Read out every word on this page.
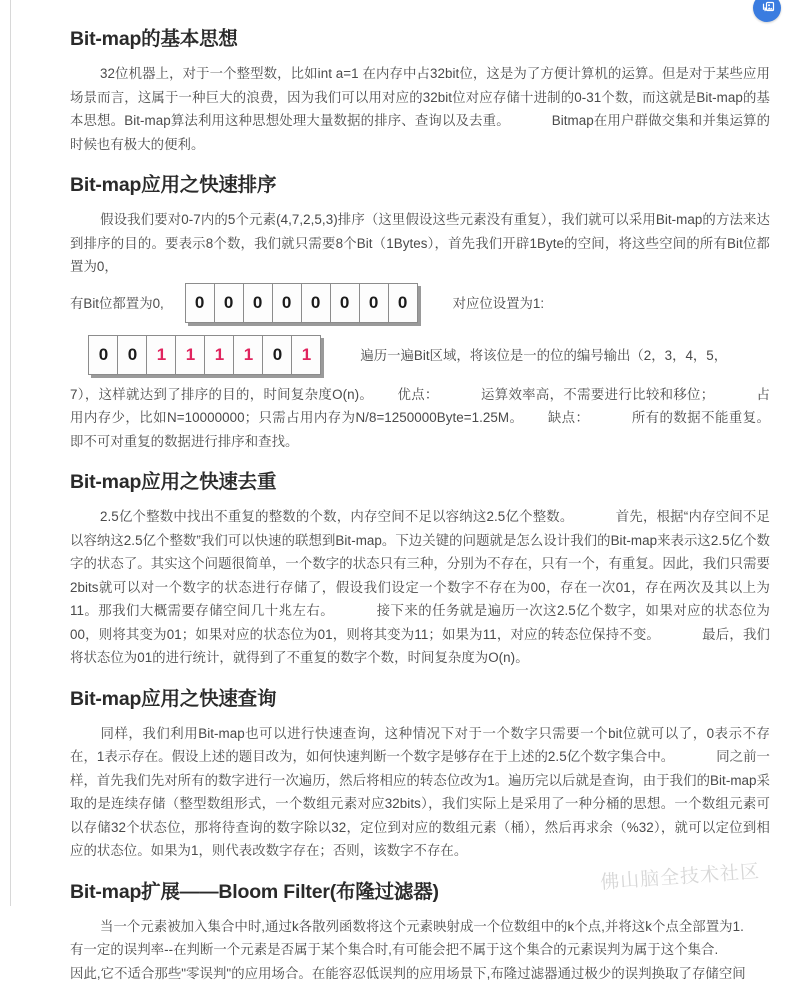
Bit-map的基本思想

32位机器上，对于一个整型数，比如int a=1 在内存中占32bit位，这是为了方便计算机的运算。但是对于某些应用场景而言，这属于一种巨大的浪费，因为我们可以用对应的32bit位对应存储十进制的0-31个数，而这就是Bit-map的基本思想。Bit-map算法利用这种思想处理大量数据的排序、查询以及去重。	Bitmap在用户群做交集和并集运算的时候也有极大的便利。

Bit-map应用之快速排序

假设我们要对0-7内的5个元素(4,7,2,5,3)排序（这里假设这些元素没有重复），我们就可以采用Bit-map的方法来达到排序的目的。要表示8个数，我们就只需要8个Bit（1Bytes），首先我们开辟1Byte的空间，将这些空间的所有Bit位都置为0，

有Bit位都置为0,	0	0	0	0	0	0	0	0	对应位设置为1:

0	0	1	1	1	1	0	1	遍历一遍Bit区域，将该位是一的位的编号输出（2，3，4，5，

7），这样就达到了排序的目的，时间复杂度O(n)。 优点：	运算效率高，不需要进行比较和移位；	占用内存少，比如N=10000000；只需占用内存为N/8=1250000Byte=1.25M。 缺点：	所有的数据不能重复。即不可对重复的数据进行排序和查找。

Bit-map应用之快速去重

2.5亿个整数中找出不重复的整数的个数，内存空间不足以容纳这2.5亿个整数。	首先，根据“内存空间不足以容纳这2.5亿个整数”我们可以快速的联想到Bit-map。下边关键的问题就是怎么设计我们的Bit-map来表示这2.5亿个数字的状态了。其实这个问题很简单，一个数字的状态只有三种，分别为不存在，只有一个，有重复。因此，我们只需要2bits就可以对一个数字的状态进行存储了，假设我们设定一个数字不存在为00，存在一次01，存在两次及其以上为11。那我们大概需要存储空间几十兆左右。	接下来的任务就是遍历一次这2.5亿个数字，如果对应的状态位为00，则将其变为01；如果对应的状态位为01，则将其变为11；如果为11，对应的转态位保持不变。	最后，我们将状态位为01的进行统计，就得到了不重复的数字个数，时间复杂度为O(n)。

Bit-map应用之快速查询

同样，我们利用Bit-map也可以进行快速查询，这种情况下对于一个数字只需要一个bit位就可以了，0表示不存在，1表示存在。假设上述的题目改为，如何快速判断一个数字是够存在于上述的2.5亿个数字集合中。	同之前一样，首先我们先对所有的数字进行一次遍历，然后将相应的转态位改为1。遍历完以后就是查询，由于我们的Bit-map采取的是连续存储（整型数组形式，一个数组元素对应32bits），我们实际上是采用了一种分桶的思想。一个数组元素可以存储32个状态位，那将待查询的数字除以32，定位到对应的数组元素（桶），然后再求余（%32），就可以定位到相应的状态位。如果为1，则代表改数字存在；否则，该数字不存在。

Bit-map扩展——Bloom Filter(布隆过滤器)

当一个元素被加入集合中时,通过k各散列函数将这个元素映射成一个位数组中的k个点,并将这k个点全部置为1.

有一定的误判率--在判断一个元素是否属于某个集合时,有可能会把不属于这个集合的元素误判为属于这个集合.

因此,它不适合那些"零误判"的应用场合。在能容忍低误判的应用场景下,布隆过滤器通过极少的误判换取了存储空间

佛山脑全技术社区
